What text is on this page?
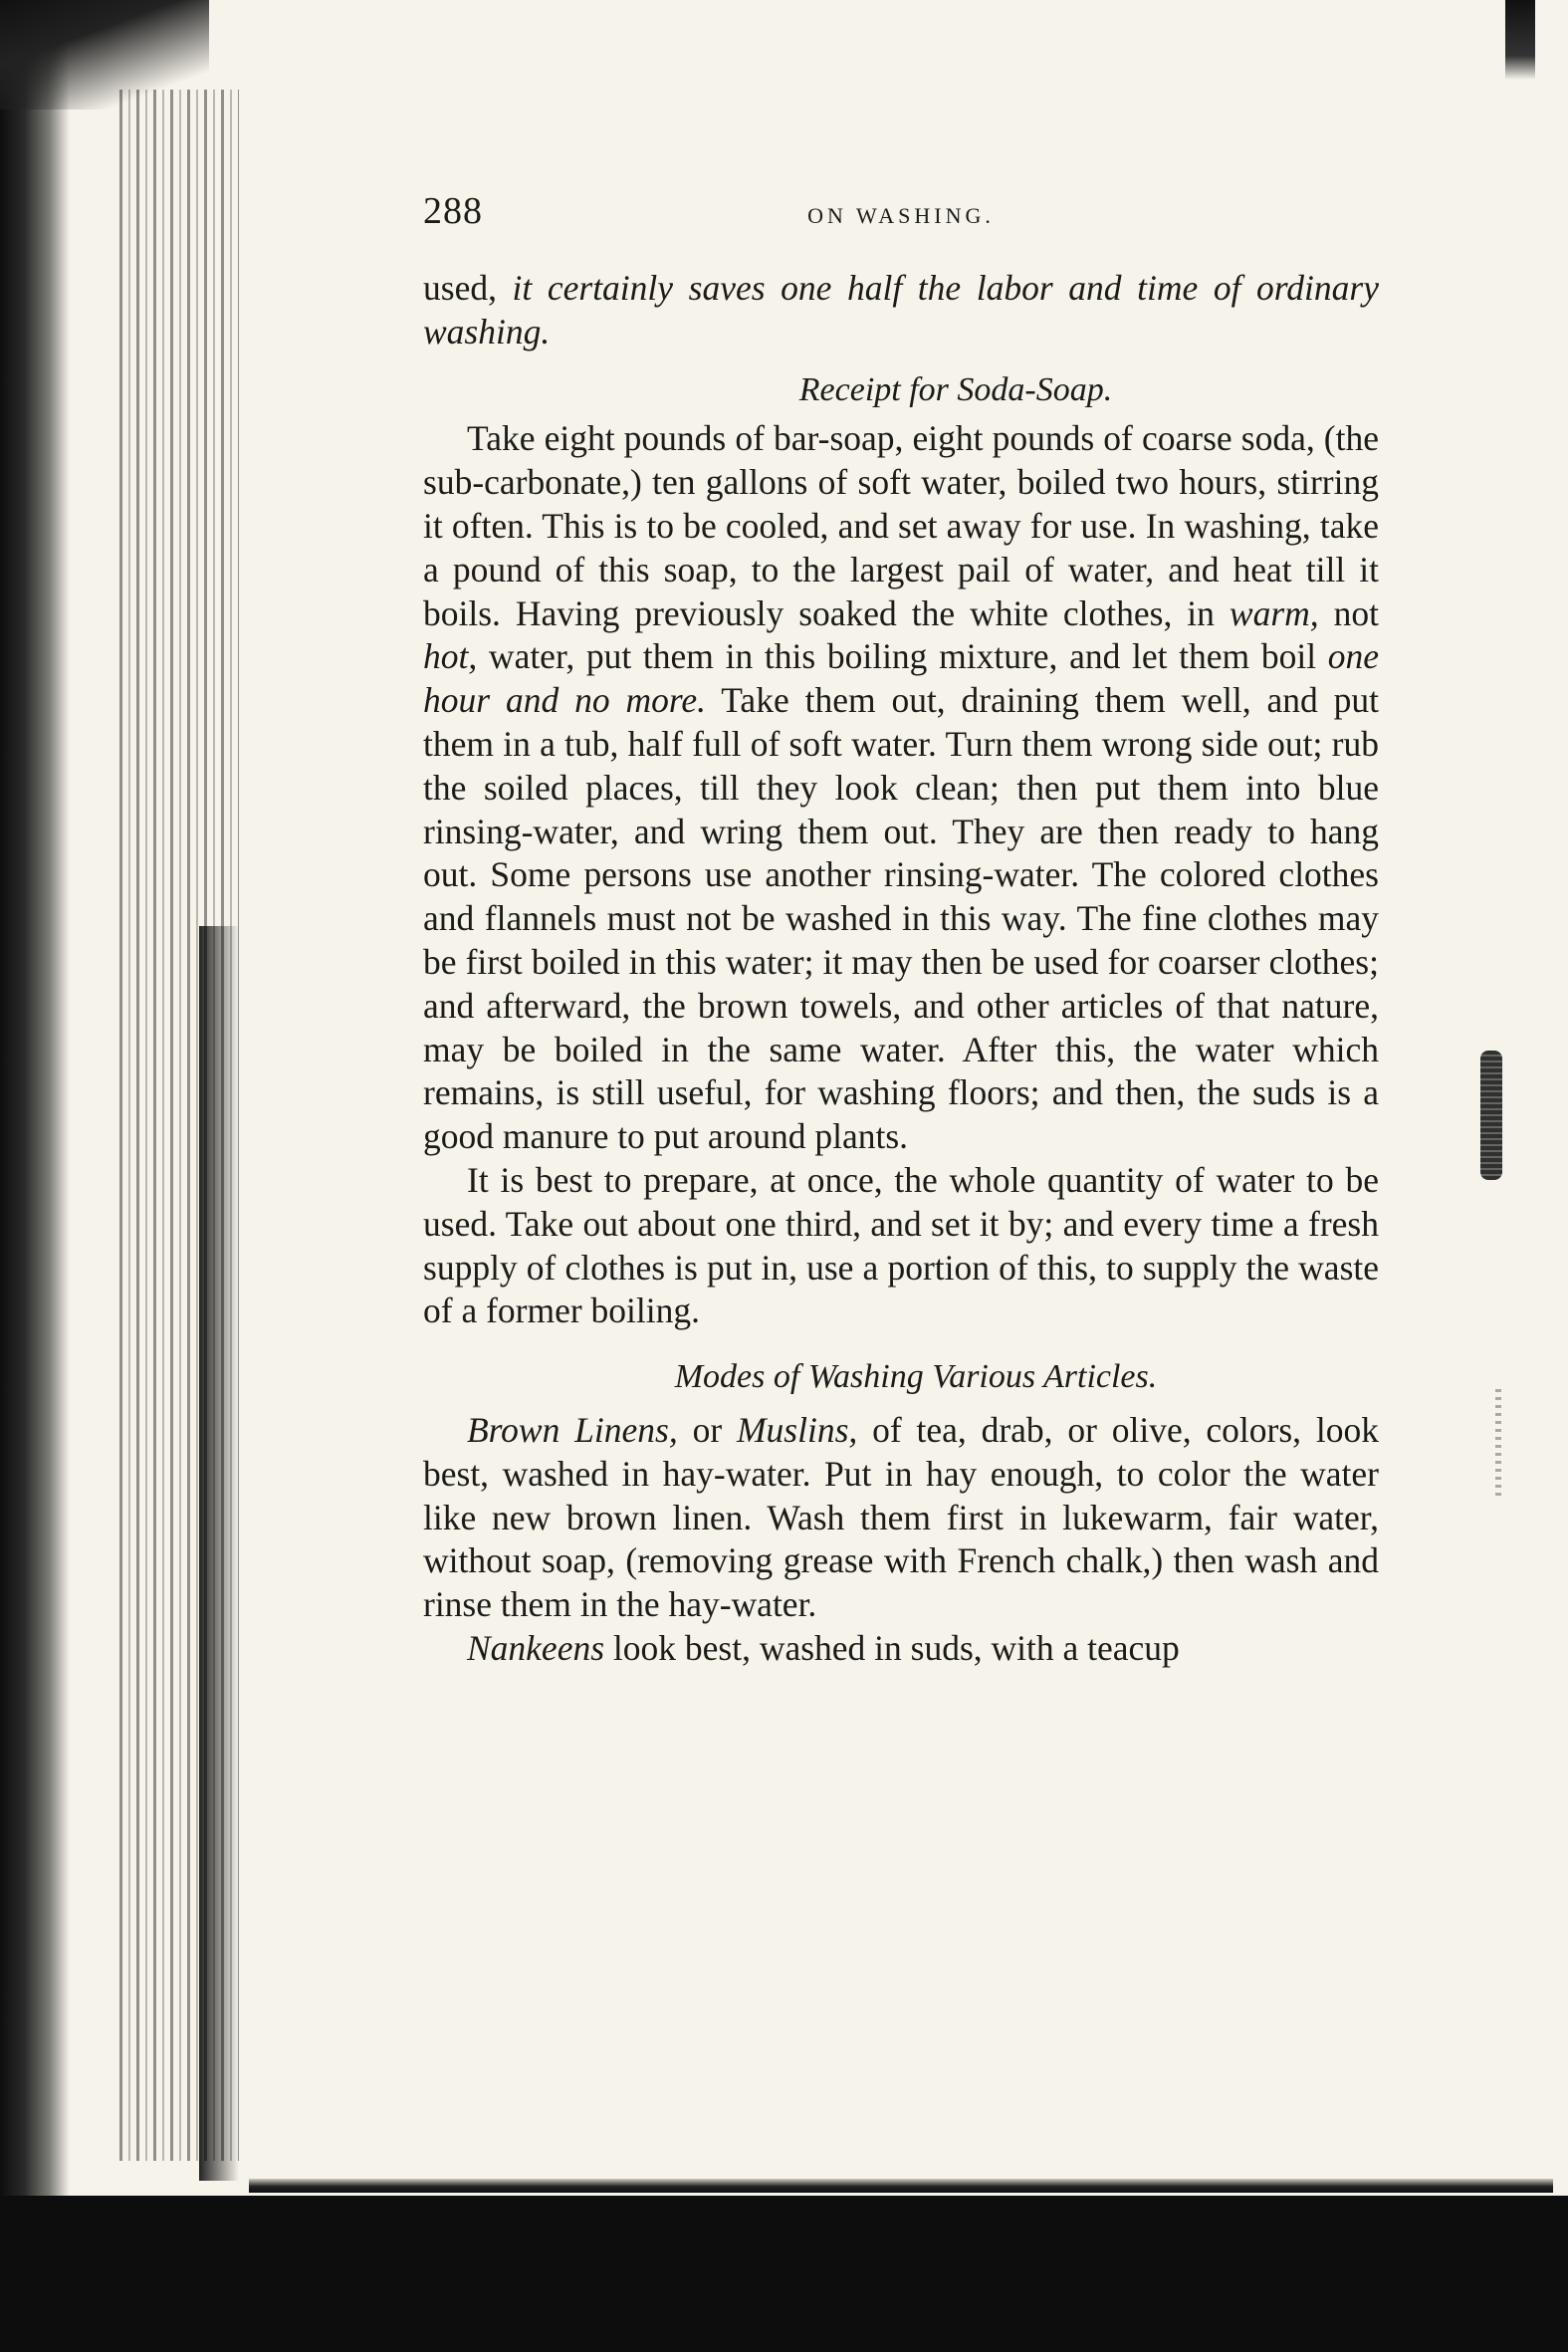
288	ON WASHING.

used, it certainly saves one half the labor and time of ordinary washing.

Receipt for Soda-Soap.

Take eight pounds of bar-soap, eight pounds of coarse soda, (the sub-carbonate,) ten gallons of soft water, boiled two hours, stirring it often. This is to be cooled, and set away for use. In washing, take a pound of this soap, to the largest pail of water, and heat till it boils. Having previously soaked the white clothes, in warm, not hot, water, put them in this boiling mixture, and let them boil one hour and no more. Take them out, draining them well, and put them in a tub, half full of soft water. Turn them wrong side out; rub the soiled places, till they look clean; then put them into blue rinsing-water, and wring them out. They are then ready to hang out. Some persons use another rinsing-water. The colored clothes and flannels must not be washed in this way. The fine clothes may be first boiled in this water; it may then be used for coarser clothes; and afterward, the brown towels, and other articles of that nature, may be boiled in the same water. After this, the water which remains, is still useful, for washing floors; and then, the suds is a good manure to put around plants.

It is best to prepare, at once, the whole quantity of water to be used. Take out about one third, and set it by; and every time a fresh supply of clothes is put in, use a portion of this, to supply the waste of a former boiling.

Modes of Washing Various Articles.

Brown Linens, or Muslins, of tea, drab, or olive, colors, look best, washed in hay-water. Put in hay enough, to color the water like new brown linen. Wash them first in lukewarm, fair water, without soap, (removing grease with French chalk,) then wash and rinse them in the hay-water.

Nankeens look best, washed in suds, with a teacup
